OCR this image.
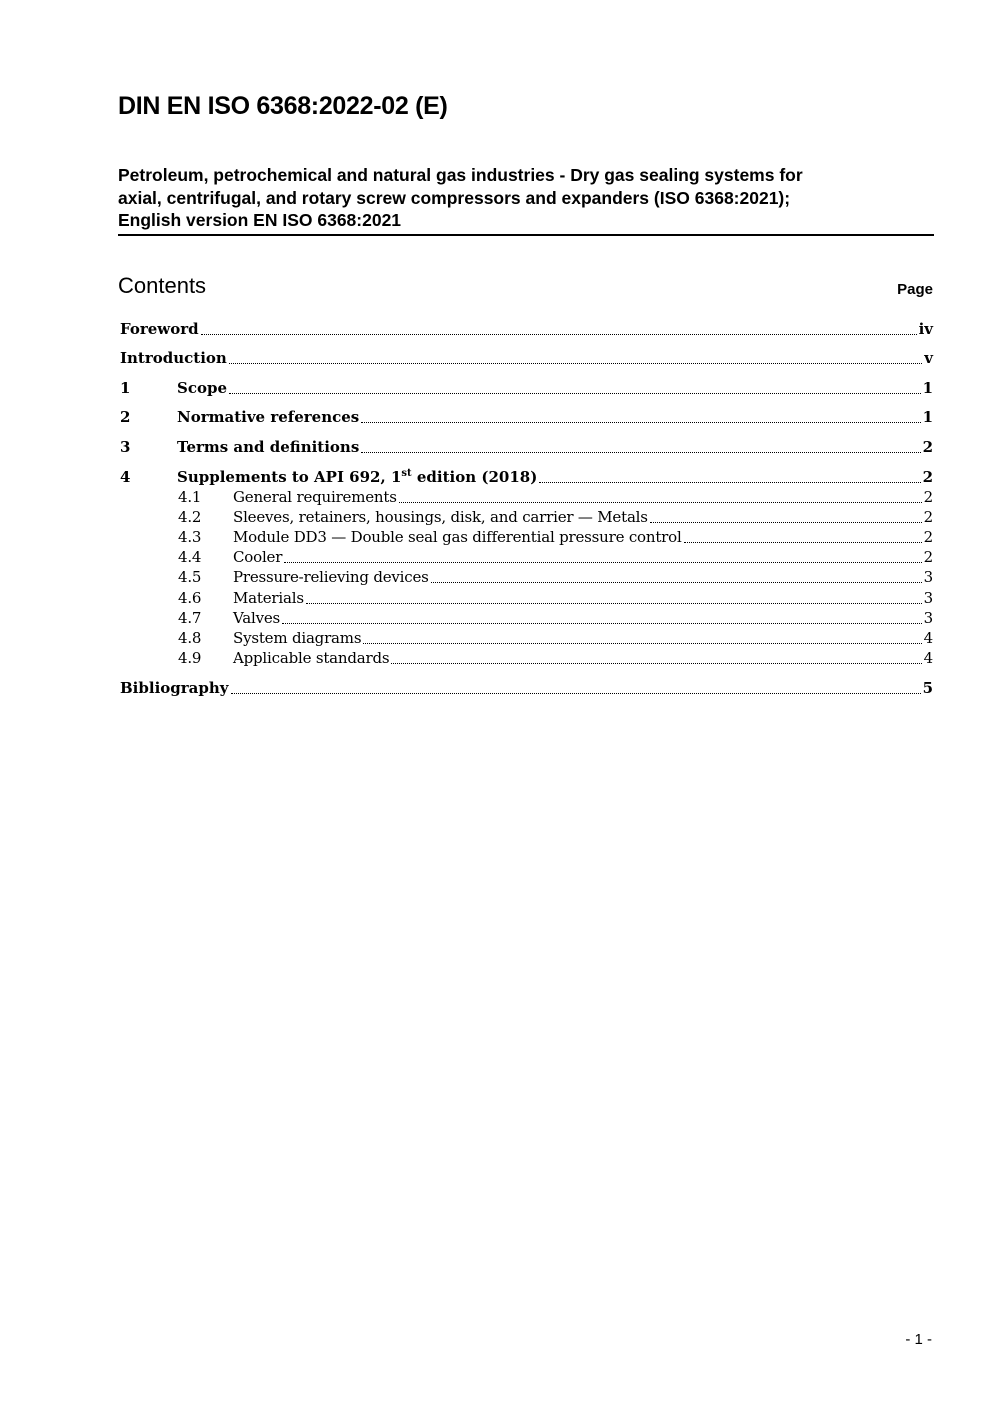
DIN EN ISO 6368:2022-02 (E)
Petroleum, petrochemical and natural gas industries - Dry gas sealing systems for
axial, centrifugal, and rotary screw compressors and expanders (ISO 6368:2021);
English version EN ISO 6368:2021
Contents	Page
Foreword	iv
Introduction	v
1	Scope	1
2	Normative references	1
3	Terms and definitions	2
4	Supplements to API 692, 1st edition (2018)	2
4.1	General requirements	2
4.2	Sleeves, retainers, housings, disk, and carrier — Metals	2
4.3	Module DD3 — Double seal gas differential pressure control	2
4.4	Cooler	2
4.5	Pressure-relieving devices	3
4.6	Materials	3
4.7	Valves	3
4.8	System diagrams	4
4.9	Applicable standards	4
Bibliography	5
- 1 -
